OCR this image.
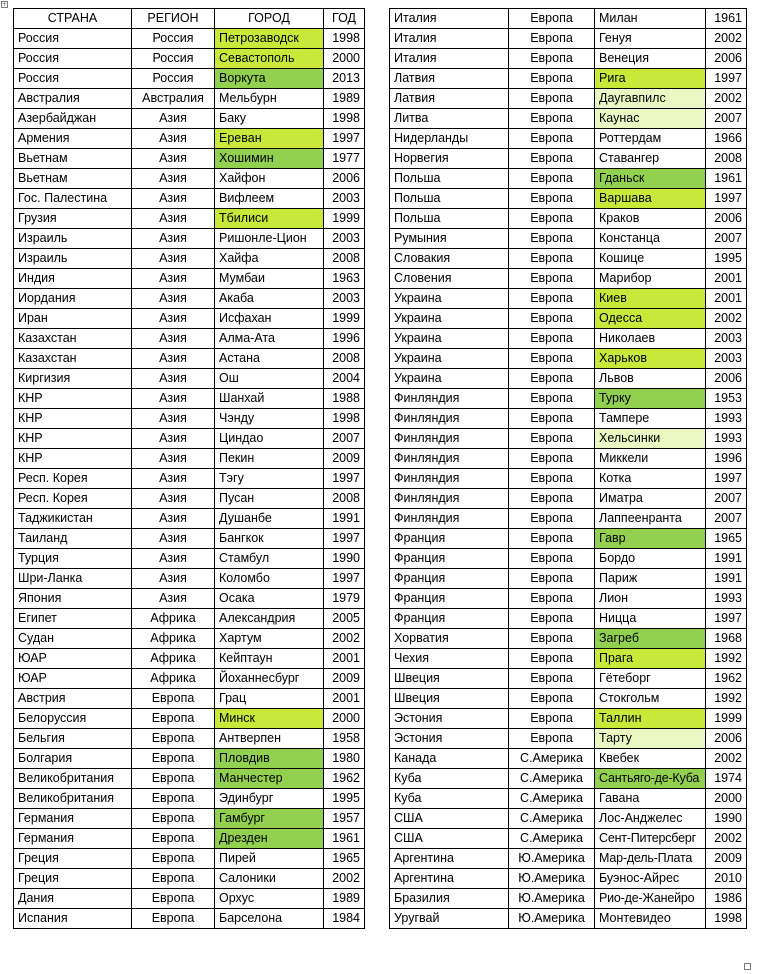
+
СТРАНА	РЕГИОН	ГОРОД	ГОД
Россия	Россия	Петрозаводск	1998
Россия	Россия	Севастополь	2000
Россия	Россия	Воркута	2013
Австралия	Австралия	Мельбурн	1989
Азербайджан	Азия	Баку	1998
Армения	Азия	Ереван	1997
Вьетнам	Азия	Хошимин	1977
Вьетнам	Азия	Хайфон	2006
Гос. Палестина	Азия	Вифлеем	2003
Грузия	Азия	Тбилиси	1999
Израиль	Азия	Ришонле-Цион	2003
Израиль	Азия	Хайфа	2008
Индия	Азия	Мумбаи	1963
Иордания	Азия	Акаба	2003
Иран	Азия	Исфахан	1999
Казахстан	Азия	Алма-Ата	1996
Казахстан	Азия	Астана	2008
Киргизия	Азия	Ош	2004
КНР	Азия	Шанхай	1988
КНР	Азия	Чэнду	1998
КНР	Азия	Циндао	2007
КНР	Азия	Пекин	2009
Респ. Корея	Азия	Тэгу	1997
Респ. Корея	Азия	Пусан	2008
Таджикистан	Азия	Душанбе	1991
Таиланд	Азия	Бангкок	1997
Турция	Азия	Стамбул	1990
Шри-Ланка	Азия	Коломбо	1997
Япония	Азия	Осака	1979
Египет	Африка	Александрия	2005
Судан	Африка	Хартум	2002
ЮАР	Африка	Кейптаун	2001
ЮАР	Африка	Йоханнесбург	2009
Австрия	Европа	Грац	2001
Белоруссия	Европа	Минск	2000
Бельгия	Европа	Антверпен	1958
Болгария	Европа	Пловдив	1980
Великобритания	Европа	Манчестер	1962
Великобритания	Европа	Эдинбург	1995
Германия	Европа	Гамбург	1957
Германия	Европа	Дрезден	1961
Греция	Европа	Пирей	1965
Греция	Европа	Салоники	2002
Дания	Европа	Орхус	1989
Испания	Европа	Барселона	1984
Италия	Европа	Милан	1961
Италия	Европа	Генуя	2002
Италия	Европа	Венеция	2006
Латвия	Европа	Рига	1997
Латвия	Европа	Даугавпилс	2002
Литва	Европа	Каунас	2007
Нидерланды	Европа	Роттердам	1966
Норвегия	Европа	Ставангер	2008
Польша	Европа	Гданьск	1961
Польша	Европа	Варшава	1997
Польша	Европа	Краков	2006
Румыния	Европа	Констанца	2007
Словакия	Европа	Кошице	1995
Словения	Европа	Марибор	2001
Украина	Европа	Киев	2001
Украина	Европа	Одесса	2002
Украина	Европа	Николаев	2003
Украина	Европа	Харьков	2003
Украина	Европа	Львов	2006
Финляндия	Европа	Турку	1953
Финляндия	Европа	Тампере	1993
Финляндия	Европа	Хельсинки	1993
Финляндия	Европа	Миккели	1996
Финляндия	Европа	Котка	1997
Финляндия	Европа	Иматра	2007
Финляндия	Европа	Лаппеенранта	2007
Франция	Европа	Гавр	1965
Франция	Европа	Бордо	1991
Франция	Европа	Париж	1991
Франция	Европа	Лион	1993
Франция	Европа	Ницца	1997
Хорватия	Европа	Загреб	1968
Чехия	Европа	Прага	1992
Швеция	Европа	Гётеборг	1962
Швеция	Европа	Стокгольм	1992
Эстония	Европа	Таллин	1999
Эстония	Европа	Тарту	2006
Канада	С.Америка	Квебек	2002
Куба	С.Америка	Сантьяго-де-Куба	1974
Куба	С.Америка	Гавана	2000
США	С.Америка	Лос-Анджелес	1990
США	С.Америка	Сент-Питерсберг	2002
Аргентина	Ю.Америка	Мар-дель-Плата	2009
Аргентина	Ю.Америка	Буэнос-Айрес	2010
Бразилия	Ю.Америка	Рио-де-Жанейро	1986
Уругвай	Ю.Америка	Монтевидео	1998
